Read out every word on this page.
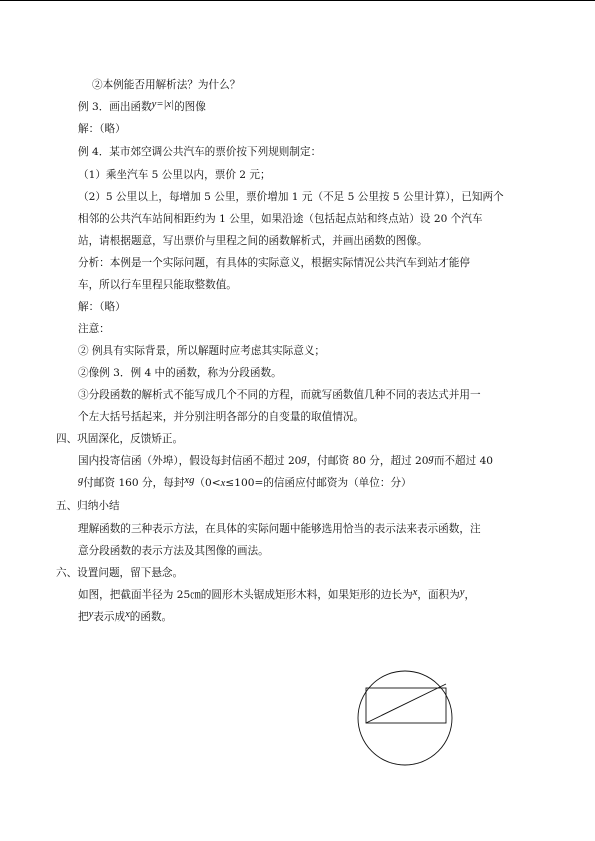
②本例能否用解析法？为什么？
例 3．画出函数y=|x|的图像
解：（略）
例 4．某市郊空调公共汽车的票价按下列规则制定：
（1）乘坐汽车 5 公里以内，票价 2 元；
（2）5 公里以上，每增加 5 公里，票价增加 1 元（不足 5 公里按 5 公里计算），已知两个
相邻的公共汽车站间相距约为 1 公里，如果沿途（包括起点站和终点站）设 20 个汽车
站，请根据题意，写出票价与里程之间的函数解析式，并画出函数的图像。
分析：本例是一个实际问题，有具体的实际意义，根据实际情况公共汽车到站才能停
车，所以行车里程只能取整数值。
解：（略）
注意：
② 例具有实际背景，所以解题时应考虑其实际意义；
②像例 3．例 4 中的函数，称为分段函数。
③分段函数的解析式不能写成几个不同的方程，而就写函数值几种不同的表达式并用一
个左大括号括起来，并分别注明各部分的自变量的取值情况。
四、巩固深化，反馈矫正。
国内投寄信函（外埠），假设每封信函不超过 20g，付邮资 80 分，超过 20g而不超过 40
g付邮资 160 分，每封xg（0<x≤100=的信函应付邮资为（单位：分）
五、归纳小结
理解函数的三种表示方法，在具体的实际问题中能够选用恰当的表示法来表示函数，注
意分段函数的表示方法及其图像的画法。
六、设置问题，留下悬念。
如图，把截面半径为 25㎝的圆形木头锯成矩形木料，如果矩形的边长为x，面积为y，
把y表示成x的函数。
